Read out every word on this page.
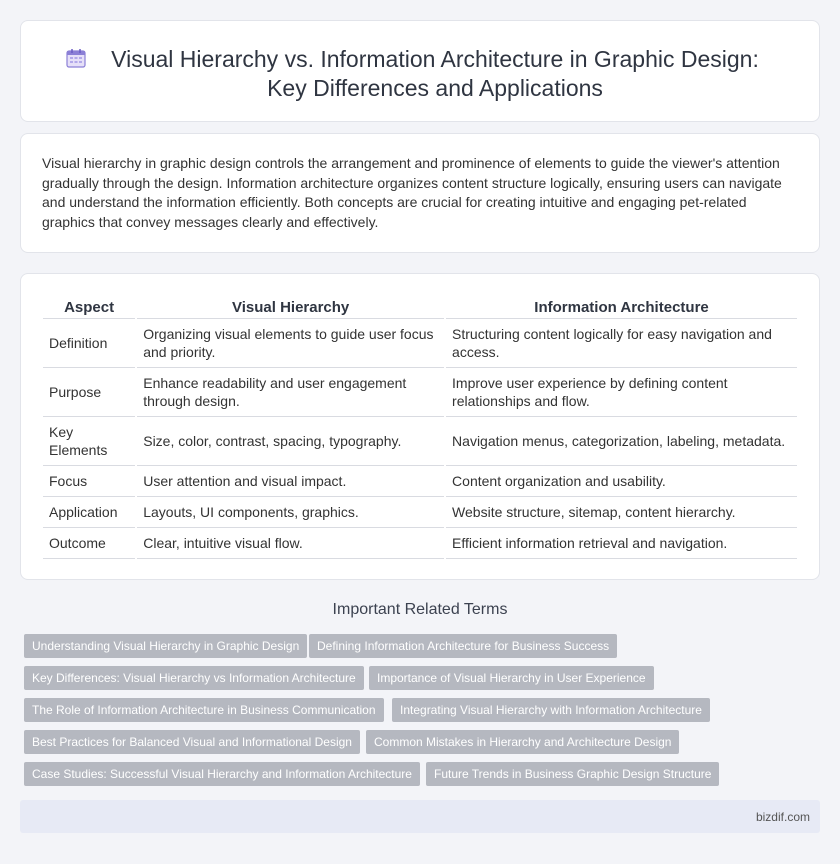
Visual Hierarchy vs. Information Architecture in Graphic Design:
Key Differences and Applications

Visual hierarchy in graphic design controls the arrangement and prominence of elements to guide the viewer's attention gradually through the design. Information architecture organizes content structure logically, ensuring users can navigate and understand the information efficiently. Both concepts are crucial for creating intuitive and engaging pet-related graphics that convey messages clearly and effectively.

Aspect	Visual Hierarchy	Information Architecture
Definition	Organizing visual elements to guide user focus and priority.	Structuring content logically for easy navigation and access.
Purpose	Enhance readability and user engagement through design.	Improve user experience by defining content relationships and flow.
Key Elements	Size, color, contrast, spacing, typography.	Navigation menus, categorization, labeling, metadata.
Focus	User attention and visual impact.	Content organization and usability.
Application	Layouts, UI components, graphics.	Website structure, sitemap, content hierarchy.
Outcome	Clear, intuitive visual flow.	Efficient information retrieval and navigation.
Important Related Terms
Understanding Visual Hierarchy in Graphic Design	Defining Information Architecture for Business Success
Key Differences: Visual Hierarchy vs Information Architecture	Importance of Visual Hierarchy in User Experience
The Role of Information Architecture in Business Communication	Integrating Visual Hierarchy with Information Architecture
Best Practices for Balanced Visual and Informational Design	Common Mistakes in Hierarchy and Architecture Design
Case Studies: Successful Visual Hierarchy and Information Architecture	Future Trends in Business Graphic Design Structure
bizdif.com
